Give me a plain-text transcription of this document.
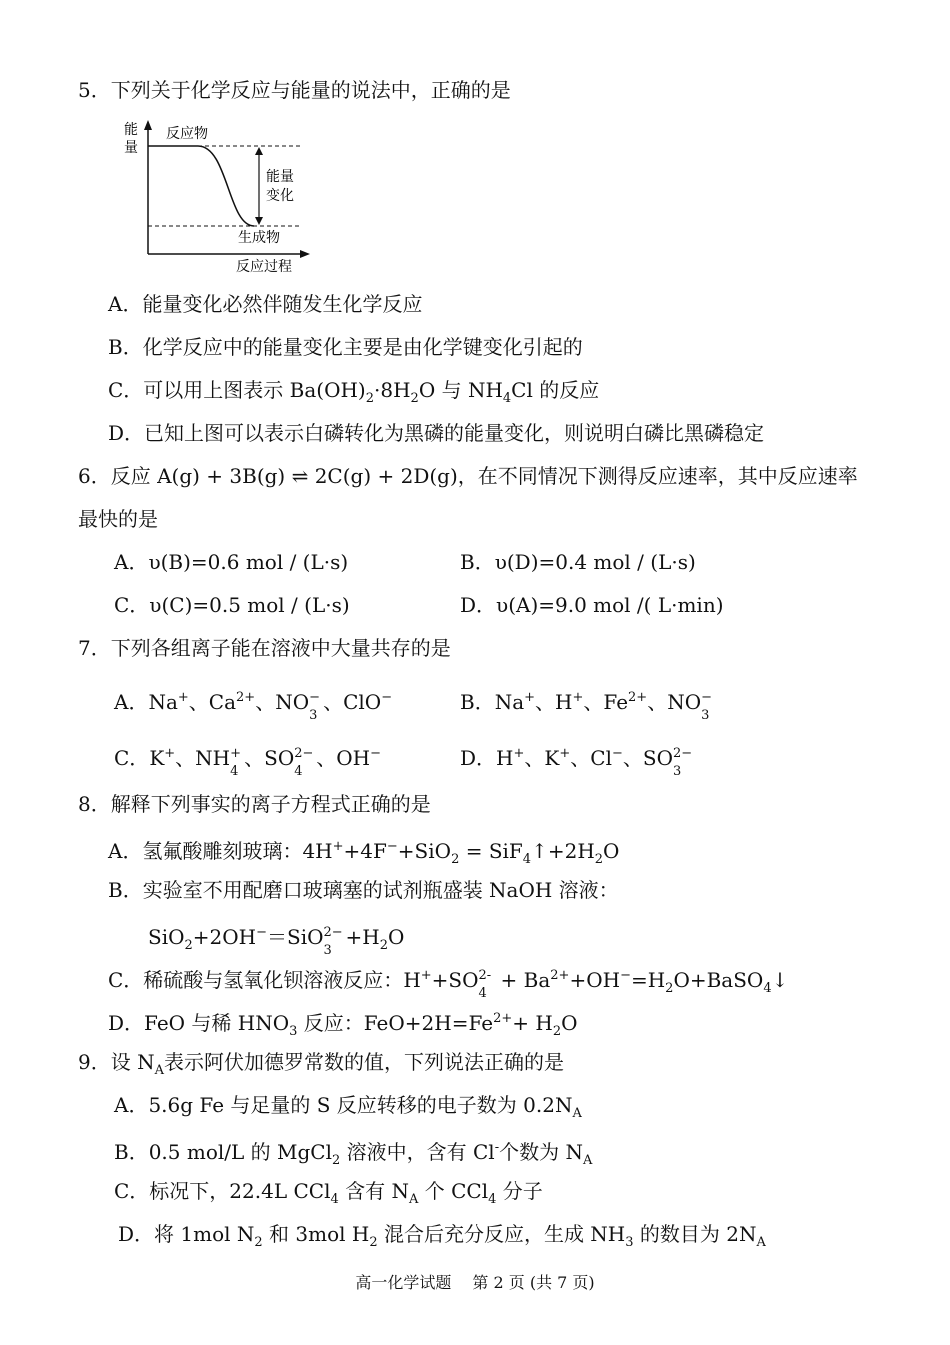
5．下列关于化学反应与能量的说法中，正确的是
能
量
反应物
能量
变化
生成物
反应过程
A．能量变化必然伴随发生化学反应
B．化学反应中的能量变化主要是由化学键变化引起的
C．可以用上图表示 $Ba(OH)_2\cdot 8H_2O$ 与 $NH_4Cl$ 的反应
D．已知上图可以表示白磷转化为黑磷的能量变化，则说明白磷比黑磷稳定
6．反应 A(g) + 3B(g) ⇌ 2C(g) + 2D(g)，在不同情况下测得反应速率，其中反应速率
最快的是
A．υ(B)=0.6 mol / (L·s)	B．υ(D)=0.4 mol / (L·s)
C．υ(C)=0.5 mol / (L·s)	D．υ(A)=9.0 mol /( L·min)
7．下列各组离子能在溶液中大量共存的是
A．Na+、$Ca^{2+}$、NO −
3
、ClO−	B．Na+、H+、$Fe^{2+}$、NO −
3
C．K+、NH +
4
、SO 2−
4
、OH−	D．H+、K+、Cl−、SO 2−
3
8．解释下列事实的离子方程式正确的是
A．氢氟酸雕刻玻璃：$4H^++4F^-+SiO_2 = SiF_4↑+2H_2O$
B．实验室不用配磨口玻璃塞的试剂瓶盛装 NaOH 溶液：
SiO$_2$+2OH−＝SiO 2−
3
$+H_2O$
C．稀硫酸与氢氧化钡溶液反应：H++SO 2-
4
+ $Ba^{2+}+OH^-=H_2O+BaSO_4↓$
D．FeO 与稀 $HNO_3$ 反应：$FeO+2H=Fe^{2+}+ H_2O$
9．设 $N_A$表示阿伏加德罗常数的值，下列说法正确的是
A．5.6g Fe 与足量的 S 反应转移的电子数为 $0.2N_A$
B．0.5 mol/L 的 MgCl$_2$ 溶液中，含有 Cl-个数为 $N_A$
C．标况下，22.4L CCl$_4$ 含有 $N_A$ 个 CCl$_4$ 分子
D．将 1mol $N_2$ 和 3mol $H_2$ 混合后充分反应，生成 $NH_3$ 的数目为 $2N_A$
高一化学试题　 第 2 页 (共 7 页)
